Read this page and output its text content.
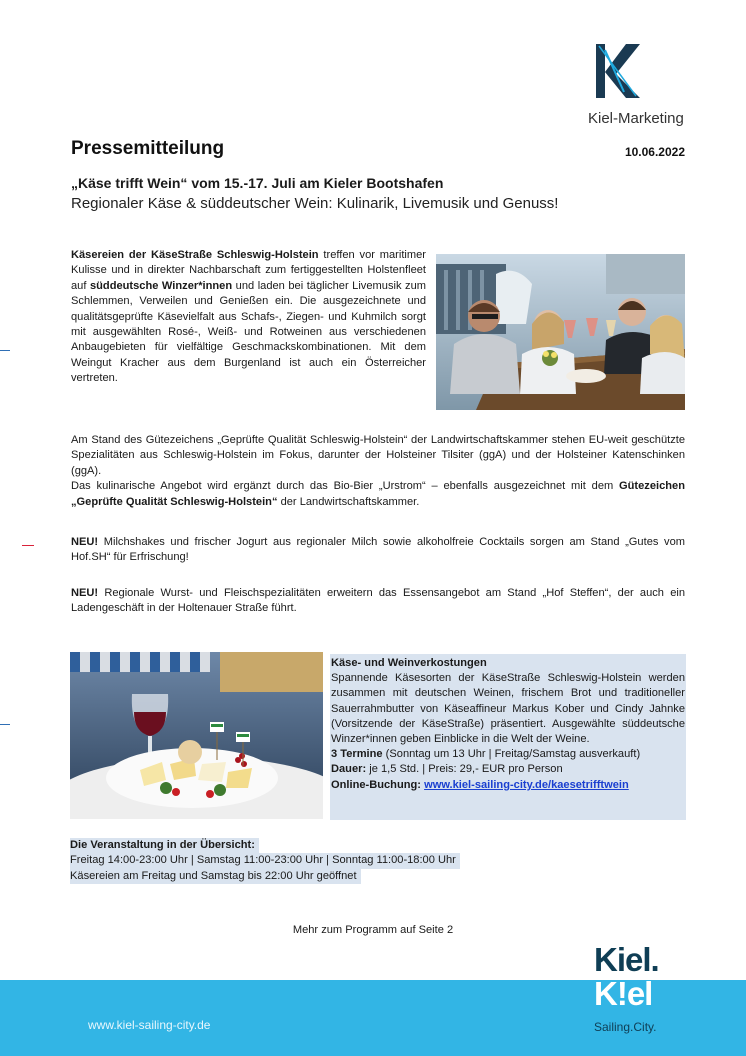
Kiel-Marketing
Pressemitteilung	10.06.2022
„Käse trifft Wein“ vom 15.-17. Juli am Kieler Bootshafen
Regionaler Käse & süddeutscher Wein: Kulinarik, Livemusik und Genuss!
Käsereien der KäseStraße Schleswig-Holstein treffen vor maritimer Kulisse und in direkter Nachbarschaft zum fertiggestellten Holstenfleet auf süddeutsche Winzer*innen und laden bei täglicher Livemusik zum Schlemmen, Verweilen und Genießen ein. Die ausgezeichnete und qualitätsgeprüfte Käsevielfalt aus Schafs-, Ziegen- und Kuhmilch sorgt mit ausgewählten Rosé-, Weiß- und Rotweinen aus verschiedenen Anbaugebieten für vielfältige Geschmackskombinationen. Mit dem Weingut Kracher aus dem Burgenland ist auch ein Österreicher vertreten.
Am Stand des Gütezeichens „Geprüfte Qualität Schleswig-Holstein“ der Landwirtschaftskammer stehen EU-weit geschützte Spezialitäten aus Schleswig-Holstein im Fokus, darunter der Holsteiner Tilsiter (ggA) und der Holsteiner Katenschinken (ggA).
Das kulinarische Angebot wird ergänzt durch das Bio-Bier „Urstrom“ – ebenfalls ausgezeichnet mit dem Gütezeichen „Geprüfte Qualität Schleswig-Holstein“ der Landwirtschaftskammer.
NEU! Milchshakes und frischer Jogurt aus regionaler Milch sowie alkoholfreie Cocktails sorgen am Stand „Gutes vom Hof.SH“ für Erfrischung!
NEU! Regionale Wurst- und Fleischspezialitäten erweitern das Essensangebot am Stand „Hof Steffen“, der auch ein Ladengeschäft in der Holtenauer Straße führt.
Käse- und Weinverkostungen
Spannende Käsesorten der KäseStraße Schleswig-Holstein werden zusammen mit deutschen Weinen, frischem Brot und traditioneller Sauerrahmbutter von Käseaffineur Markus Kober und Cindy Jahnke (Vorsitzende der KäseStraße) präsentiert. Ausgewählte süddeutsche Winzer*innen geben Einblicke in die Welt der Weine.
3 Termine (Sonntag um 13 Uhr | Freitag/Samstag ausverkauft)
Dauer: je 1,5 Std. | Preis: 29,- EUR pro Person
Online-Buchung: www.kiel-sailing-city.de/kaesetrifftwein
Die Veranstaltung in der Übersicht:
Freitag 14:00-23:00 Uhr | Samstag 11:00-23:00 Uhr | Sonntag 11:00-18:00 Uhr
Käsereien am Freitag und Samstag bis 22:00 Uhr geöffnet
Mehr zum Programm auf Seite 2
www.kiel-sailing-city.de
Kiel.
K!el
Sailing.City.
